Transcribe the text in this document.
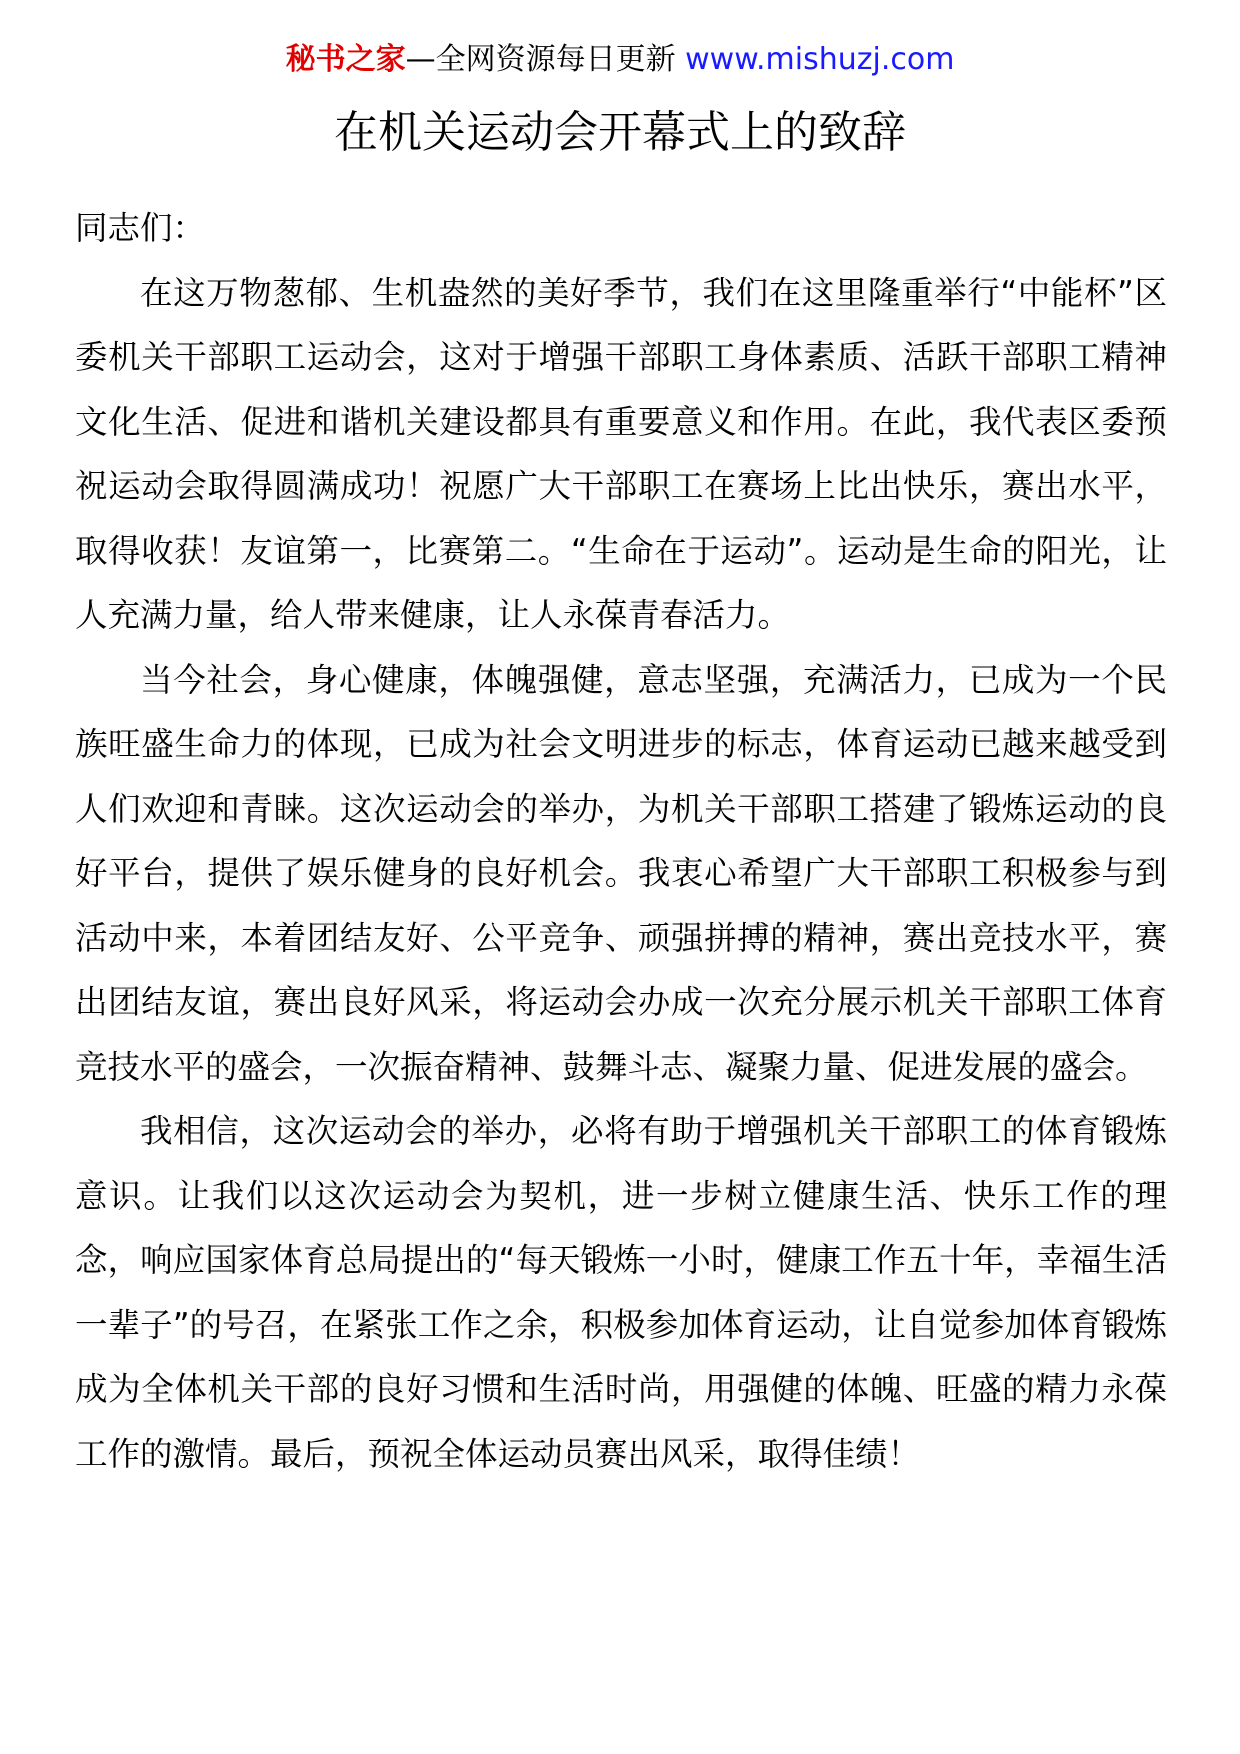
秘书之家—全网资源每日更新 www.mishuzj.com
在机关运动会开幕式上的致辞

同志们：

在这万物葱郁、生机盎然的美好季节，我们在这里隆重举行“中能杯”区委机关干部职工运动会，这对于增强干部职工身体素质、活跃干部职工精神文化生活、促进和谐机关建设都具有重要意义和作用。在此，我代表区委预祝运动会取得圆满成功！祝愿广大干部职工在赛场上比出快乐，赛出水平，取得收获！友谊第一，比赛第二。“生命在于运动”。运动是生命的阳光，让人充满力量，给人带来健康，让人永葆青春活力。

当今社会，身心健康，体魄强健，意志坚强，充满活力，已成为一个民族旺盛生命力的体现，已成为社会文明进步的标志，体育运动已越来越受到人们欢迎和青睐。这次运动会的举办，为机关干部职工搭建了锻炼运动的良好平台，提供了娱乐健身的良好机会。我衷心希望广大干部职工积极参与到活动中来，本着团结友好、公平竞争、顽强拼搏的精神，赛出竞技水平，赛出团结友谊，赛出良好风采，将运动会办成一次充分展示机关干部职工体育竞技水平的盛会，一次振奋精神、鼓舞斗志、凝聚力量、促进发展的盛会。

我相信，这次运动会的举办，必将有助于增强机关干部职工的体育锻炼意识。让我们以这次运动会为契机，进一步树立健康生活、快乐工作的理念，响应国家体育总局提出的“每天锻炼一小时，健康工作五十年，幸福生活一辈子”的号召，在紧张工作之余，积极参加体育运动，让自觉参加体育锻炼成为全体机关干部的良好习惯和生活时尚，用强健的体魄、旺盛的精力永葆工作的激情。最后，预祝全体运动员赛出风采，取得佳绩！
